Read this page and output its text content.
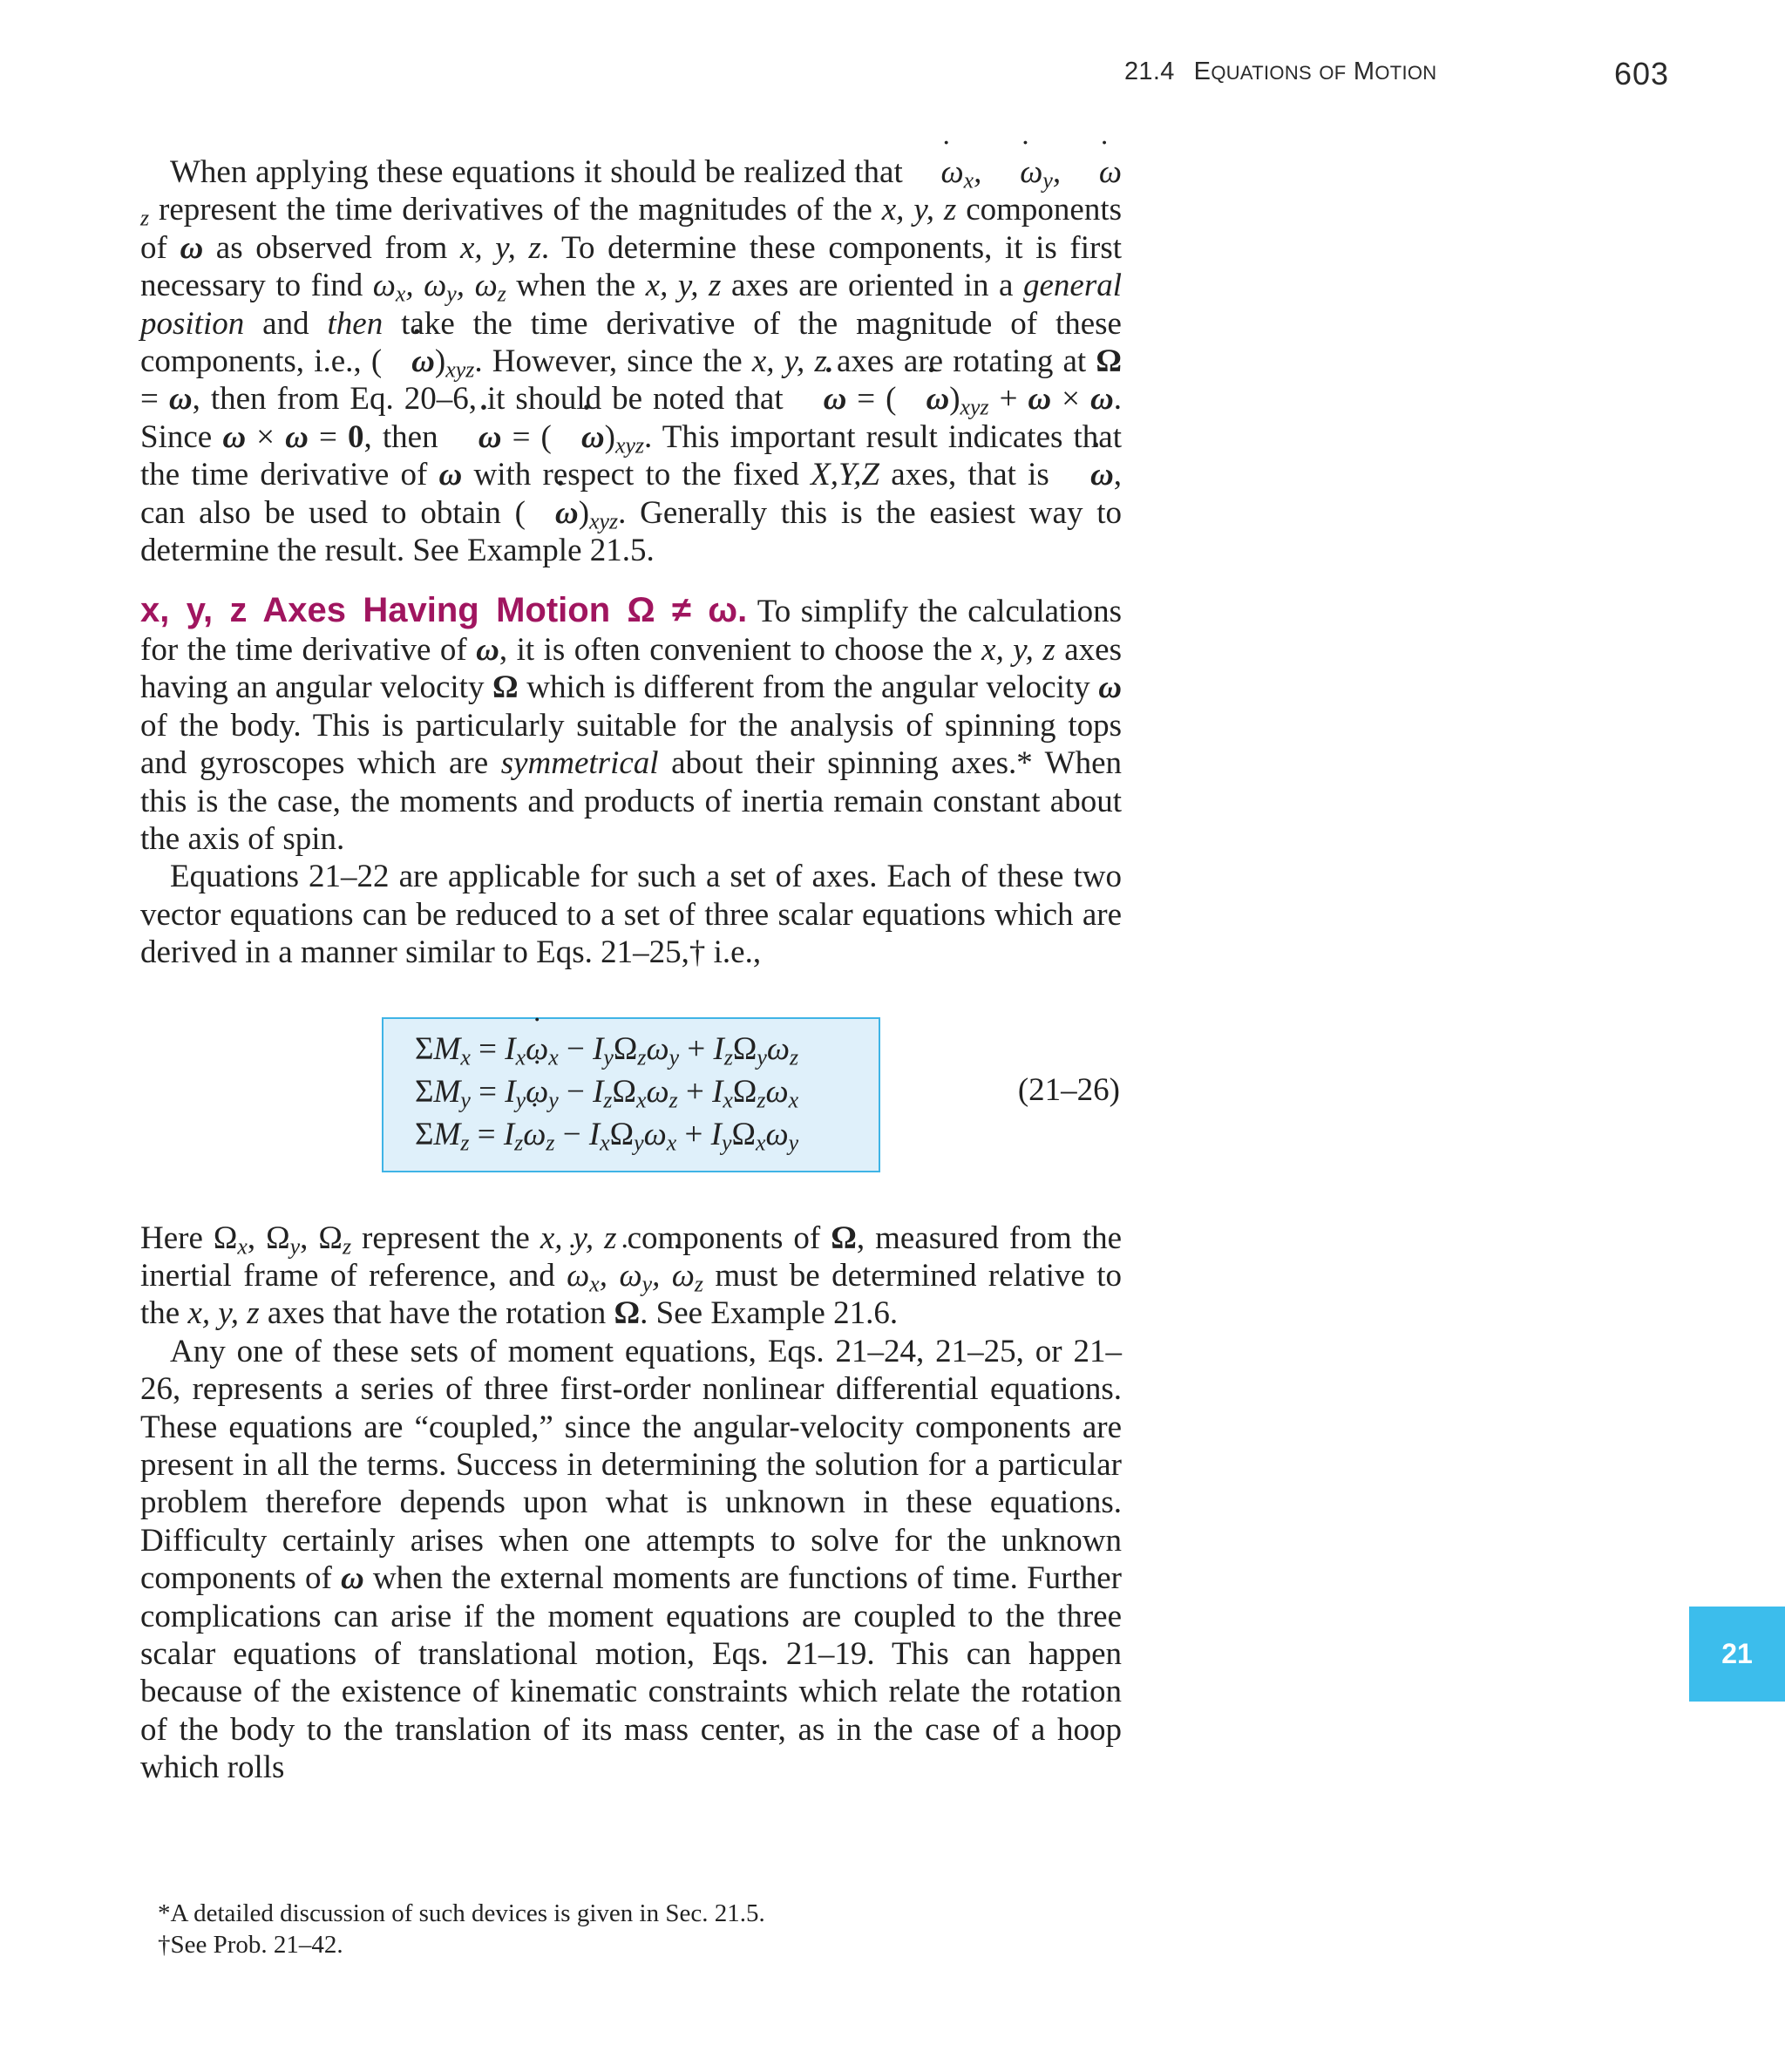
21.4 EQUATIONS OF MOTION	603

When applying these equations it should be realized that ω $˙_x$, ω $˙_y$, ω $˙_z$ represent the time derivatives of the magnitudes of the x, y, z components of ω as observed from x, y, z. To determine these components, it is first necessary to find $\omega_x$, $\omega_y$, $\omega_z$ when the x, y, z axes are oriented in a general position and then take the time derivative of the magnitude of these components, i.e., ( ω $˙)_{xyz}$. However, since the x, y, z axes are rotating at Ω = ω, then from Eq. 20–6, it should be noted that ω ˙ = ( ω $˙)_{xyz} + \omega \times \omega$. Since ω × ω = 0, then ω ˙ = ( ω $˙)_{xyz}$. This important result indicates that the time derivative of ω with respect to the fixed X,Y,Z axes, that is ω ˙, can also be used to obtain ( ω $˙)_{xyz}$. Generally this is the easiest way to determine the result. See Example 21.5.

x, y, z Axes Having Motion Ω ≠ ω. To simplify the calculations for the time derivative of ω, it is often convenient to choose the x, y, z axes having an angular velocity Ω which is different from the angular velocity ω of the body. This is particularly suitable for the analysis of spinning tops and gyroscopes which are symmetrical about their spinning axes.* When this is the case, the moments and products of inertia remain constant about the axis of spin.

Equations 21–22 are applicable for such a set of axes. Each of these two vector equations can be reduced to a set of three scalar equations which are derived in a manner similar to Eqs. 21–25,† i.e.,

$\Sigma M_x = I_x\omega$ $˙_x - I_y\Omega_z\omega_y + I_z\Omega_y\omega_z$
$\Sigma M_y = I_y\omega$ $˙_y - I_z\Omega_x\omega_z + I_x\Omega_z\omega_x$
$\Sigma M_z = I_z\omega$ $˙_z - I_x\Omega_y\omega_x + I_y\Omega_x\omega_y$
(21–26)

Here $\Omega_x$, $\Omega_y$, $\Omega_z$ represent the x, y, z components of Ω, measured from the inertial frame of reference, and ω $˙_x$, ω $˙_y$, ω $˙_z$ must be determined relative to the x, y, z axes that have the rotation Ω. See Example 21.6.

Any one of these sets of moment equations, Eqs. 21–24, 21–25, or 21–26, represents a series of three first-order nonlinear differential equations. These equations are “coupled,” since the angular-velocity components are present in all the terms. Success in determining the solution for a particular problem therefore depends upon what is unknown in these equations. Difficulty certainly arises when one attempts to solve for the unknown components of ω when the external moments are functions of time. Further complications can arise if the moment equations are coupled to the three scalar equations of translational motion, Eqs. 21–19. This can happen because of the existence of kinematic constraints which relate the rotation of the body to the translation of its mass center, as in the case of a hoop which rolls

*A detailed discussion of such devices is given in Sec. 21.5.
†See Prob. 21–42.
21
